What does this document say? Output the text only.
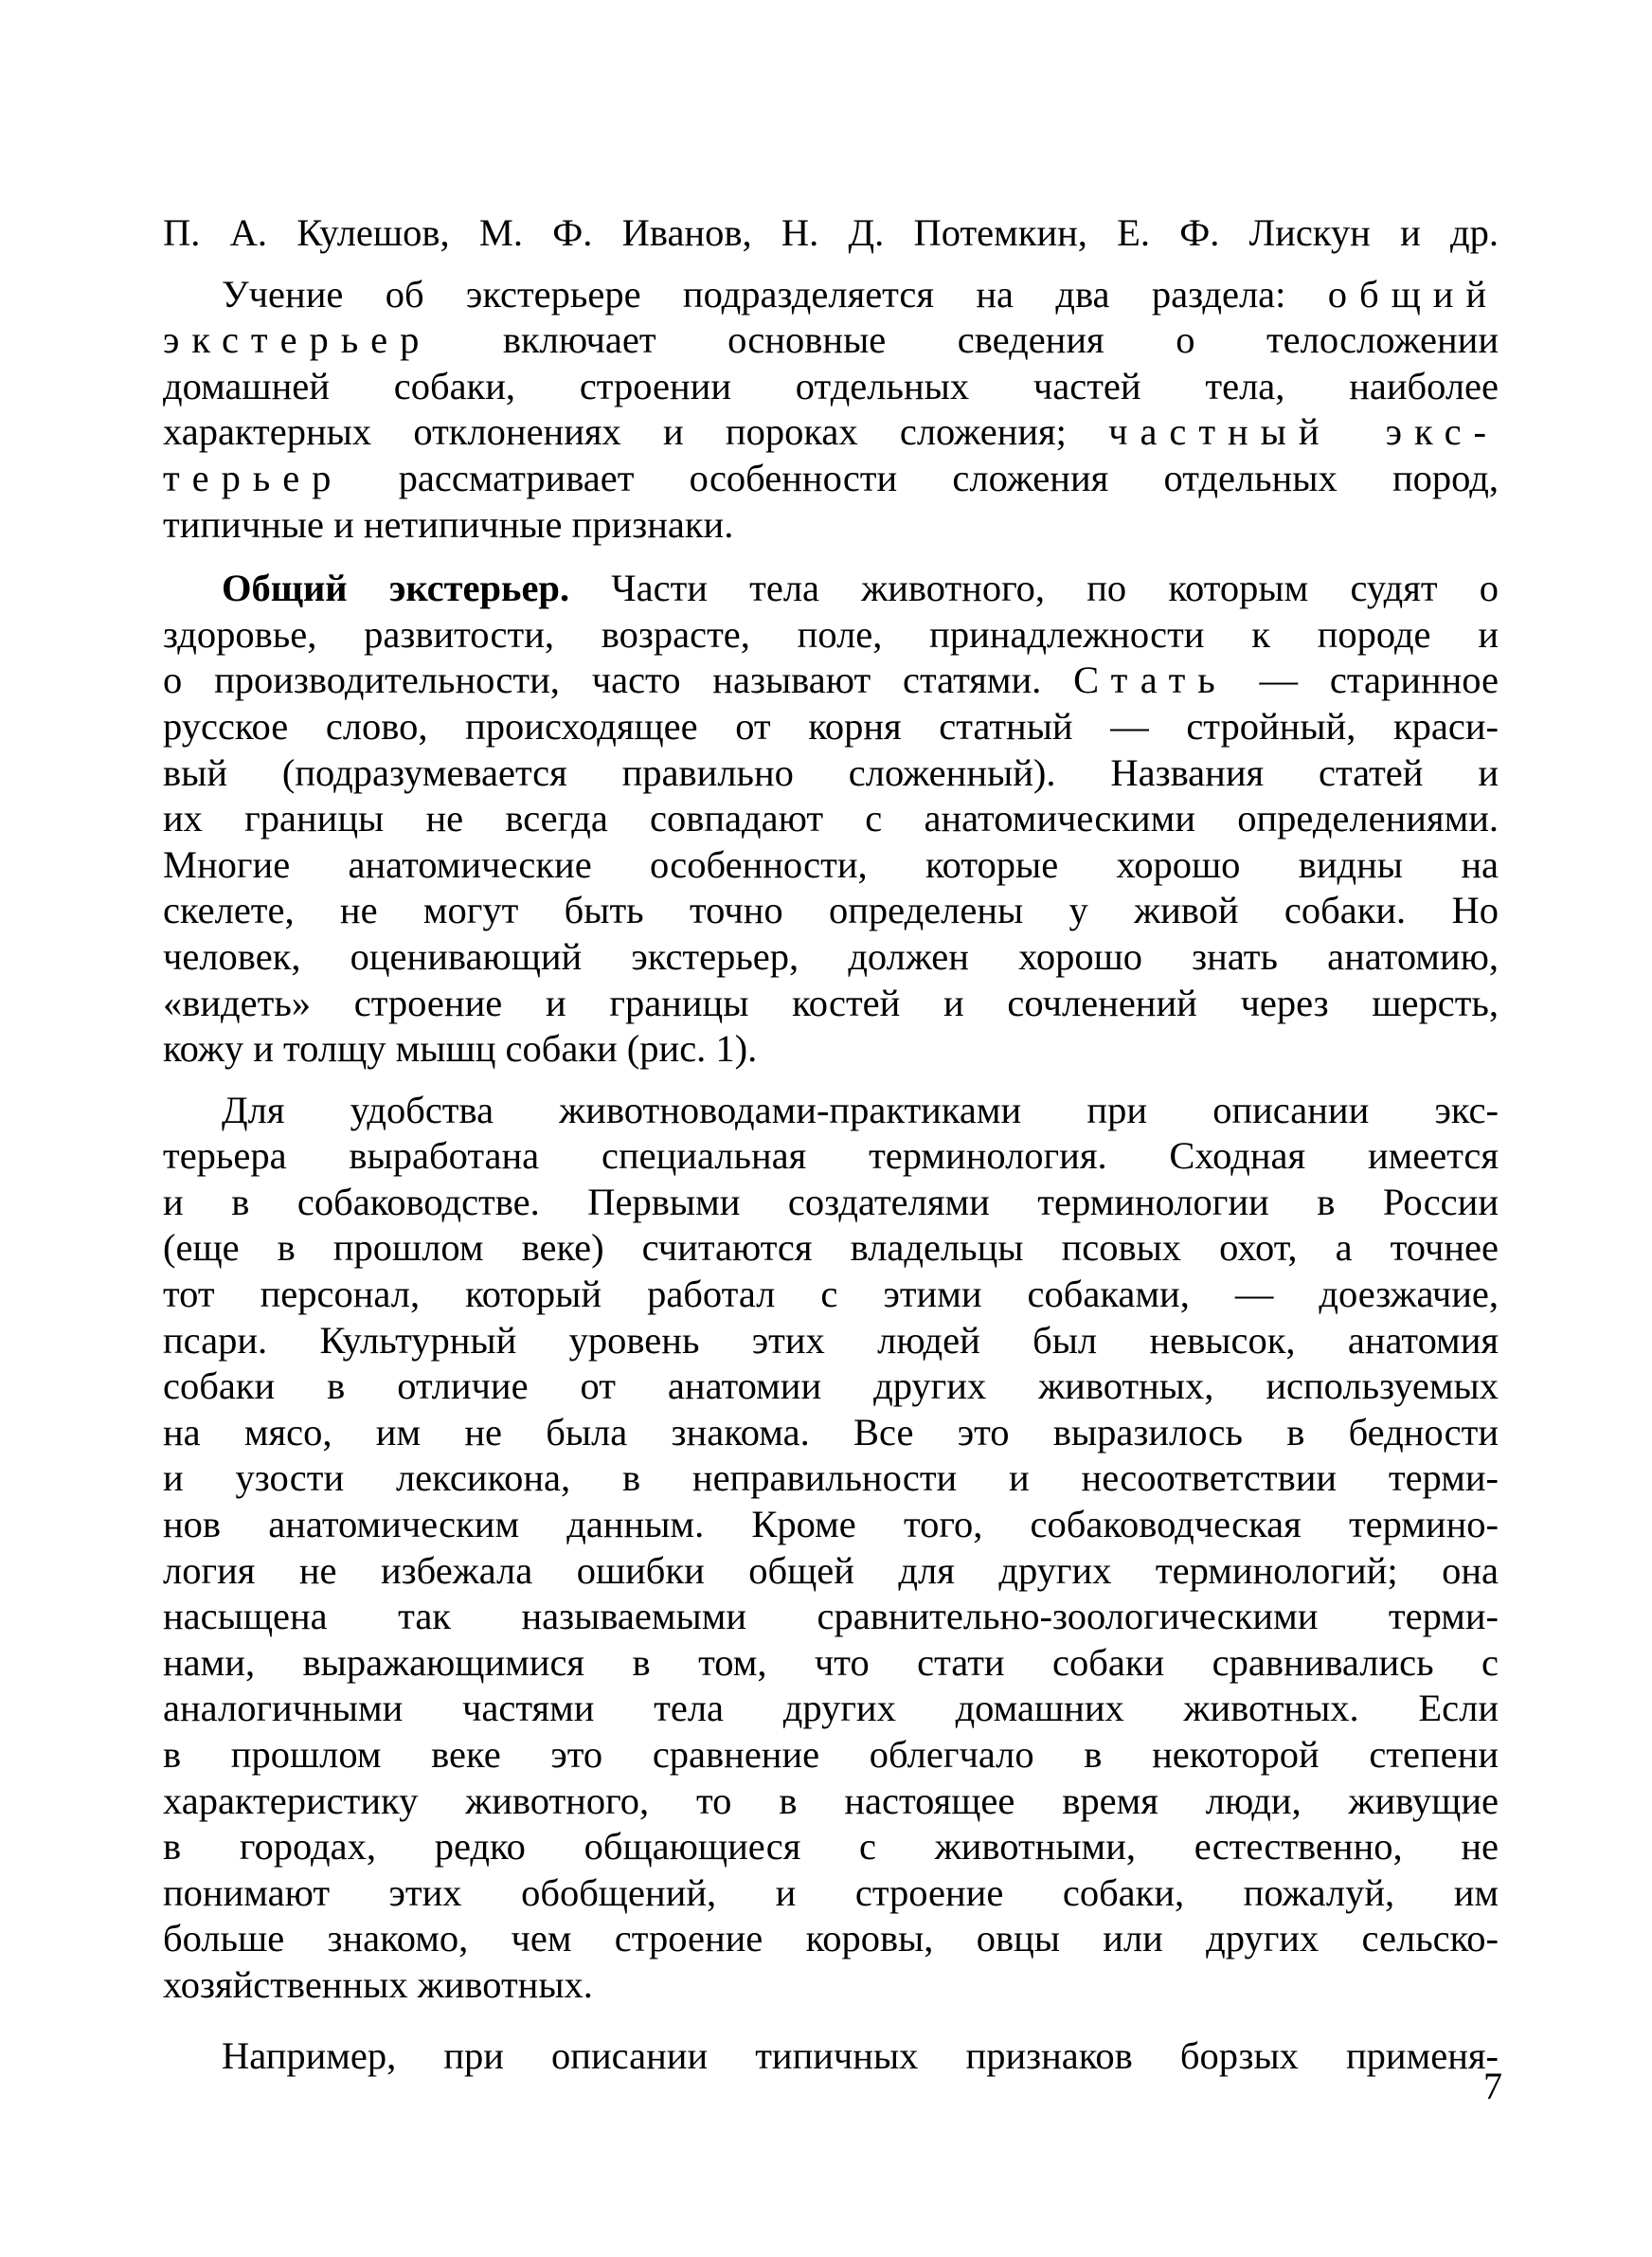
П. А. Кулешов, М. Ф. Иванов, Н. Д. Потемкин, Е. Ф. Лискун и др.
Учение об экстерьере подразделяется на два раздела: общий
экстерьер включает основные сведения о телосложении
домашней собаки, строении отдельных частей тела, наиболее
характерных отклонениях и пороках сложения; частный экс-
терьер рассматривает особенности сложения отдельных пород,
типичные и нетипичные признаки.
Общий экстерьер. Части тела животного, по которым судят о
здоровье, развитости, возрасте, поле, принадлежности к породе и
о производительности, часто называют статями. Стать — старинное
русское слово, происходящее от корня статный — стройный, краси-
вый (подразумевается правильно сложенный). Названия статей и
их границы не всегда совпадают с анатомическими определениями.
Многие анатомические особенности, которые хорошо видны на
скелете, не могут быть точно определены у живой собаки. Но
человек, оценивающий экстерьер, должен хорошо знать анатомию,
«видеть» строение и границы костей и сочленений через шерсть,
кожу и толщу мышц собаки (рис. 1).
Для удобства животноводами-практиками при описании экс-
терьера выработана специальная терминология. Сходная имеется
и в собаководстве. Первыми создателями терминологии в России
(еще в прошлом веке) считаются владельцы псовых охот, а точнее
тот персонал, который работал с этими собаками, — доезжачие,
псари. Культурный уровень этих людей был невысок, анатомия
собаки в отличие от анатомии других животных, используемых
на мясо, им не была знакома. Все это выразилось в бедности
и узости лексикона, в неправильности и несоответствии терми-
нов анатомическим данным. Кроме того, собаководческая термино-
логия не избежала ошибки общей для других терминологий; она
насыщена так называемыми сравнительно-зоологическими терми-
нами, выражающимися в том, что стати собаки сравнивались с
аналогичными частями тела других домашних животных. Если
в прошлом веке это сравнение облегчало в некоторой степени
характеристику животного, то в настоящее время люди, живущие
в городах, редко общающиеся с животными, естественно, не
понимают этих обобщений, и строение собаки, пожалуй, им
больше знакомо, чем строение коровы, овцы или других сельско-
хозяйственных животных.
Например, при описании типичных признаков борзых применя-
7
